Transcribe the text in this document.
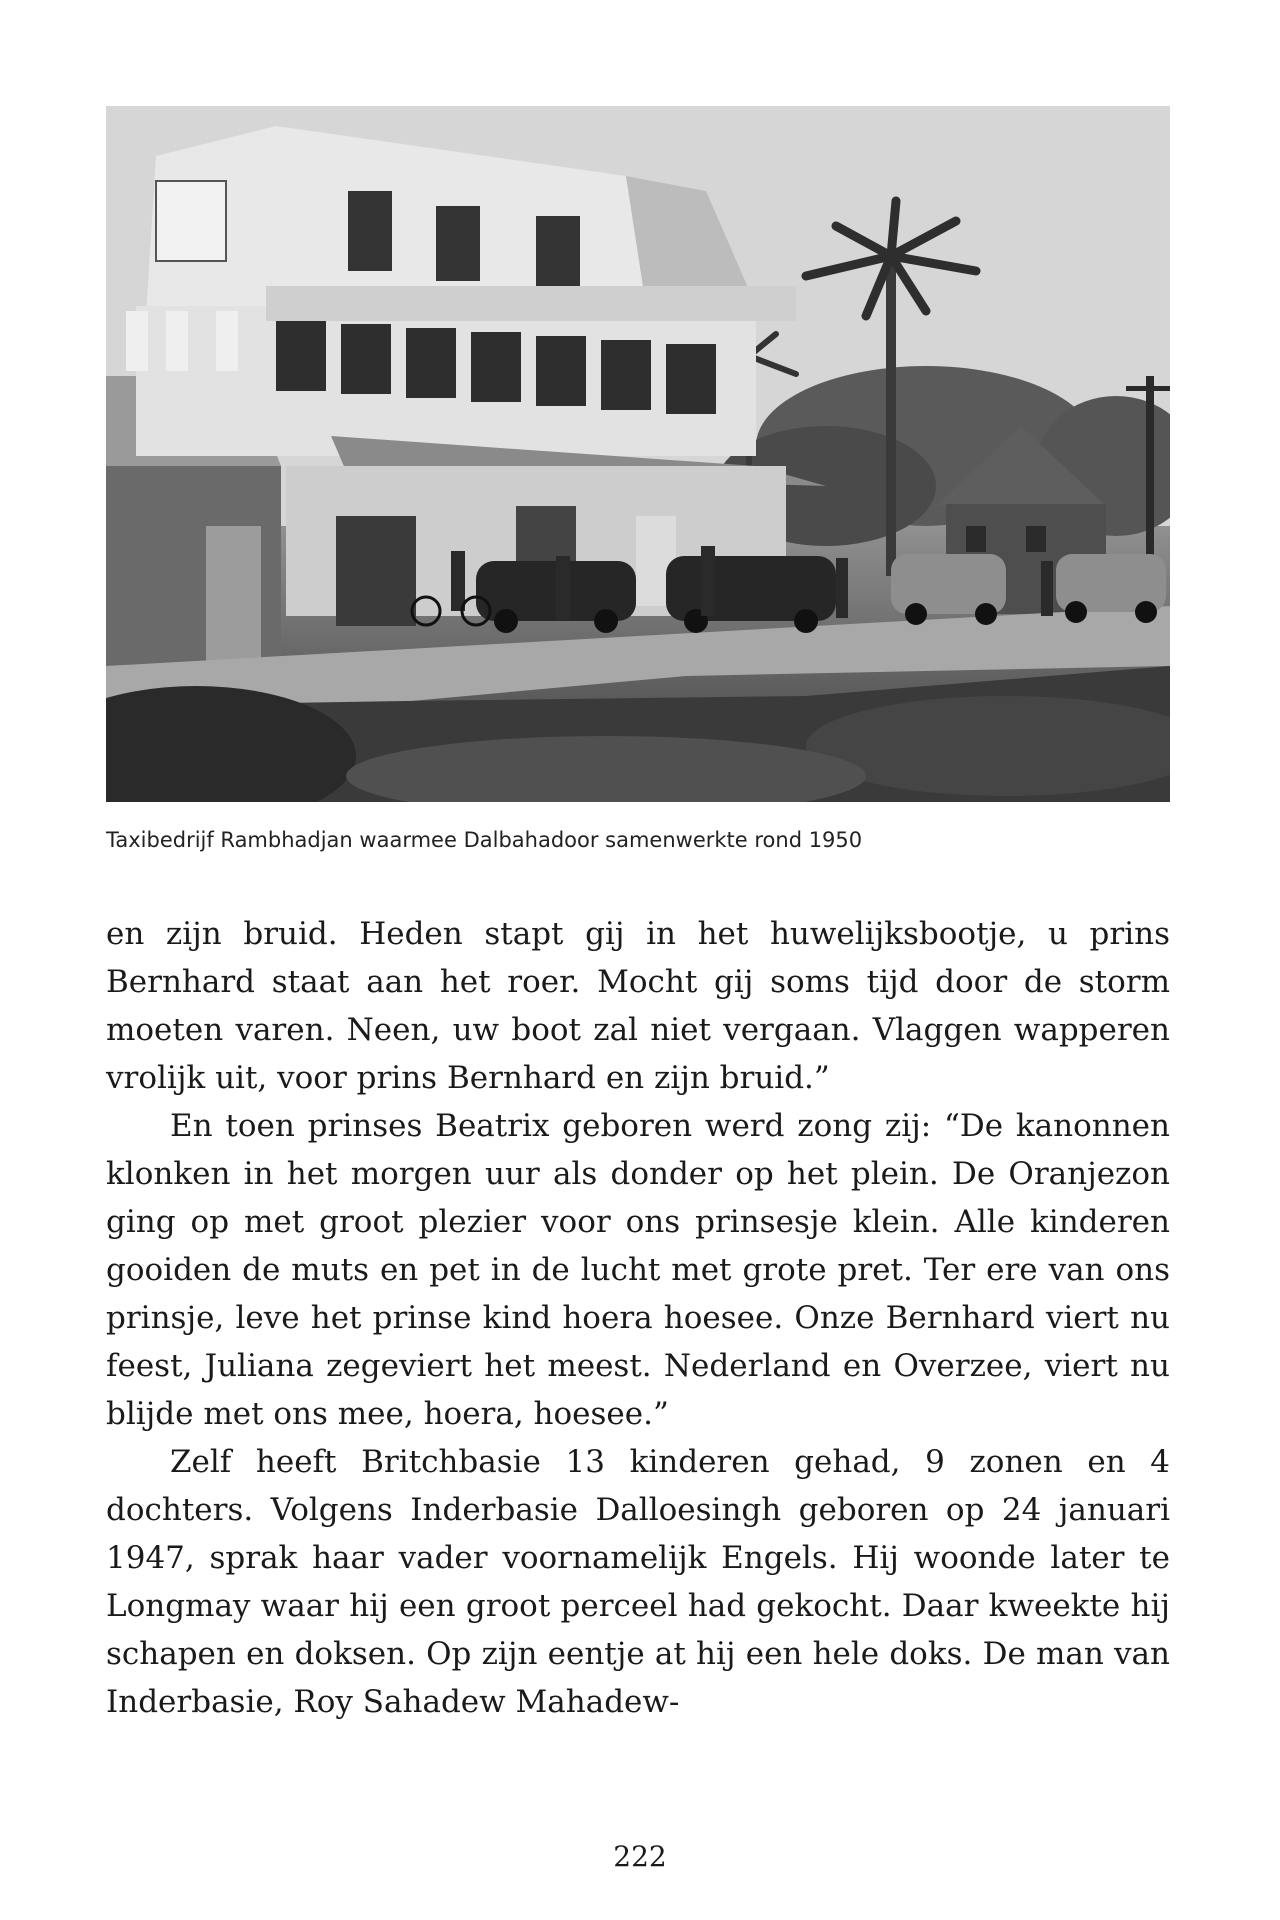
Taxibedrijf Rambhadjan waarmee Dalbahadoor samenwerkte rond 1950

en zijn bruid. Heden stapt gij in het huwelijksbootje, u prins Bernhard staat aan het roer. Mocht gij soms tijd door de storm moeten varen. Neen, uw boot zal niet vergaan. Vlaggen wapperen vrolijk uit, voor prins Bernhard en zijn bruid.”

En toen prinses Beatrix geboren werd zong zij: “De kanonnen klonken in het morgen uur als donder op het plein. De Oranjezon ging op met groot plezier voor ons prinsesje klein. Alle kinderen gooiden de muts en pet in de lucht met grote pret. Ter ere van ons prinsje, leve het prinse kind hoera hoesee. Onze Bernhard viert nu feest, Juliana zegeviert het meest. Nederland en Overzee, viert nu blijde met ons mee, hoera, hoesee.”

Zelf heeft Britchbasie 13 kinderen gehad, 9 zonen en 4 dochters. Volgens Inderbasie Dalloesingh geboren op 24 januari 1947, sprak haar vader voornamelijk Engels. Hij woonde later te Longmay waar hij een groot perceel had gekocht. Daar kweekte hij schapen en doksen. Op zijn eentje at hij een hele doks. De man van Inderbasie, Roy Sahadew Mahadew-

222
